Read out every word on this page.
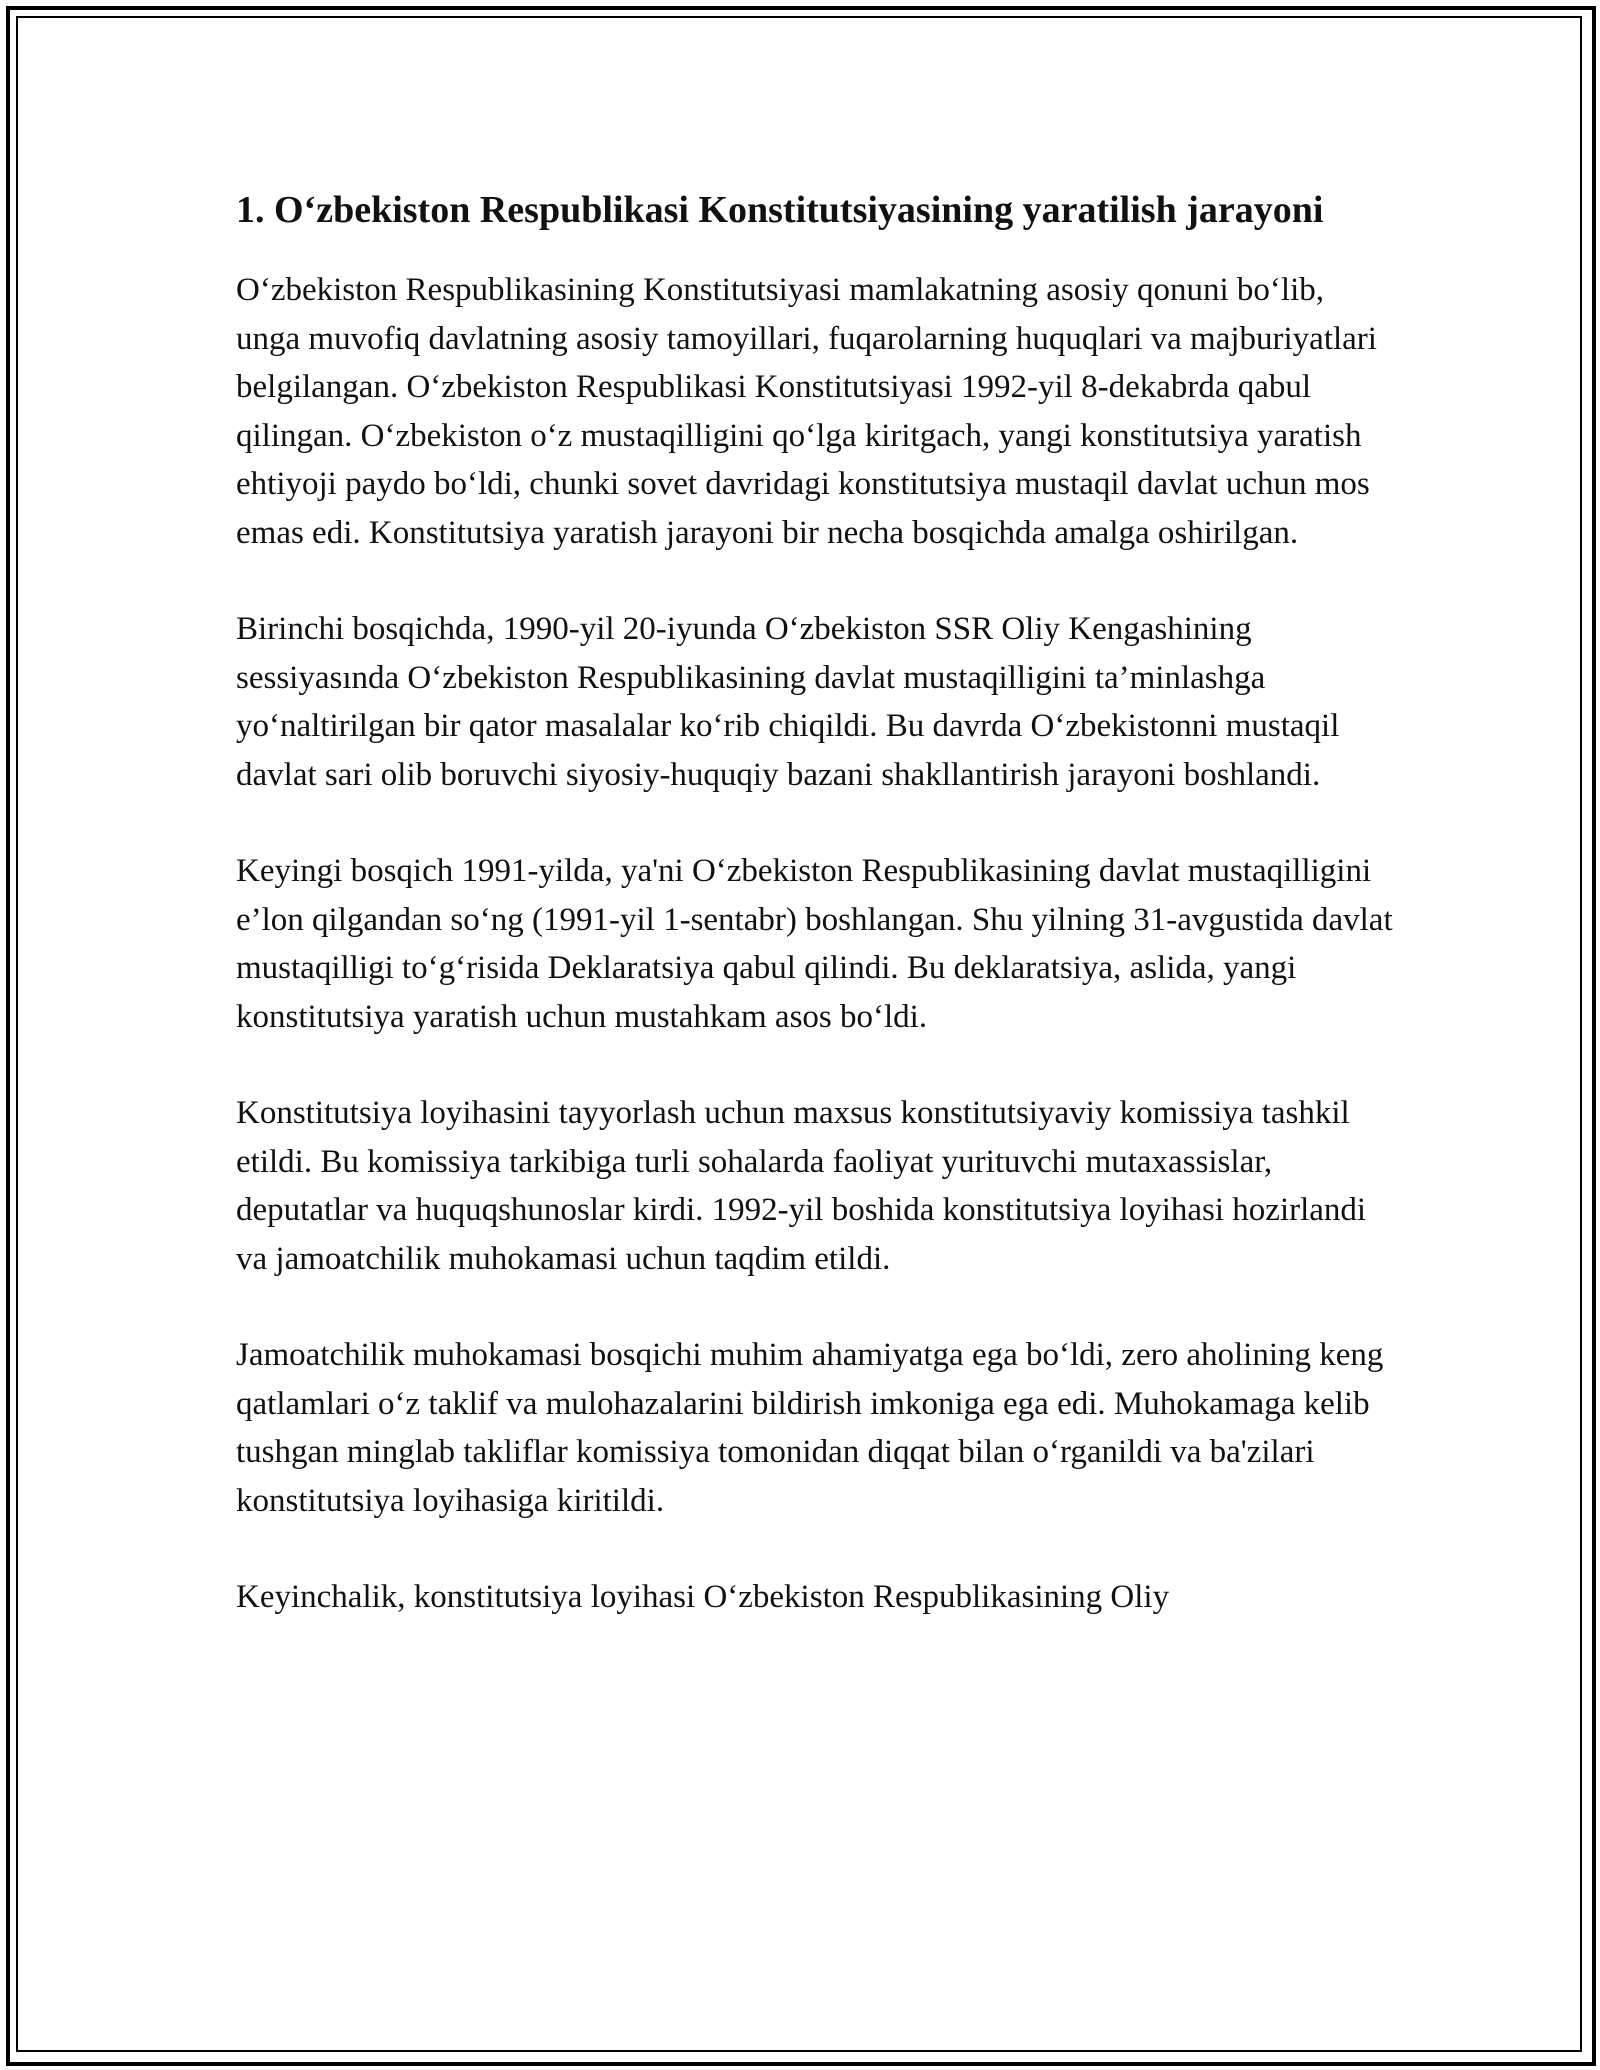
1. O‘zbekiston Respublikasi Konstitutsiyasining yaratilish jarayoni

O‘zbekiston Respublikasining Konstitutsiyasi mamlakatning asosiy qonuni bo‘lib, unga muvofiq davlatning asosiy tamoyillari, fuqarolarning huquqlari va majburiyatlari belgilangan. O‘zbekiston Respublikasi Konstitutsiyasi 1992-yil 8-dekabrda qabul qilingan. O‘zbekiston o‘z mustaqilligini qo‘lga kiritgach, yangi konstitutsiya yaratish ehtiyoji paydo bo‘ldi, chunki sovet davridagi konstitutsiya mustaqil davlat uchun mos emas edi. Konstitutsiya yaratish jarayoni bir necha bosqichda amalga oshirilgan.

Birinchi bosqichda, 1990-yil 20-iyunda O‘zbekiston SSR Oliy Kengashining sessiyasında O‘zbekiston Respublikasining davlat mustaqilligini ta’minlashga yo‘naltirilgan bir qator masalalar ko‘rib chiqildi. Bu davrda O‘zbekistonni mustaqil davlat sari olib boruvchi siyosiy-huquqiy bazani shakllantirish jarayoni boshlandi.

Keyingi bosqich 1991-yilda, ya'ni O‘zbekiston Respublikasining davlat mustaqilligini e’lon qilgandan so‘ng (1991-yil 1-sentabr) boshlangan. Shu yilning 31-avgustida davlat mustaqilligi to‘g‘risida Deklaratsiya qabul qilindi. Bu deklaratsiya, aslida, yangi konstitutsiya yaratish uchun mustahkam asos bo‘ldi.

Konstitutsiya loyihasini tayyorlash uchun maxsus konstitutsiyaviy komissiya tashkil etildi. Bu komissiya tarkibiga turli sohalarda faoliyat yurituvchi mutaxassislar, deputatlar va huquqshunoslar kirdi. 1992-yil boshida konstitutsiya loyihasi hozirlandi va jamoatchilik muhokamasi uchun taqdim etildi.

Jamoatchilik muhokamasi bosqichi muhim ahamiyatga ega bo‘ldi, zero aholining keng qatlamlari o‘z taklif va mulohazalarini bildirish imkoniga ega edi. Muhokamaga kelib tushgan minglab takliflar komissiya tomonidan diqqat bilan o‘rganildi va ba'zilari konstitutsiya loyihasiga kiritildi.

Keyinchalik, konstitutsiya loyihasi O‘zbekiston Respublikasining Oliy
